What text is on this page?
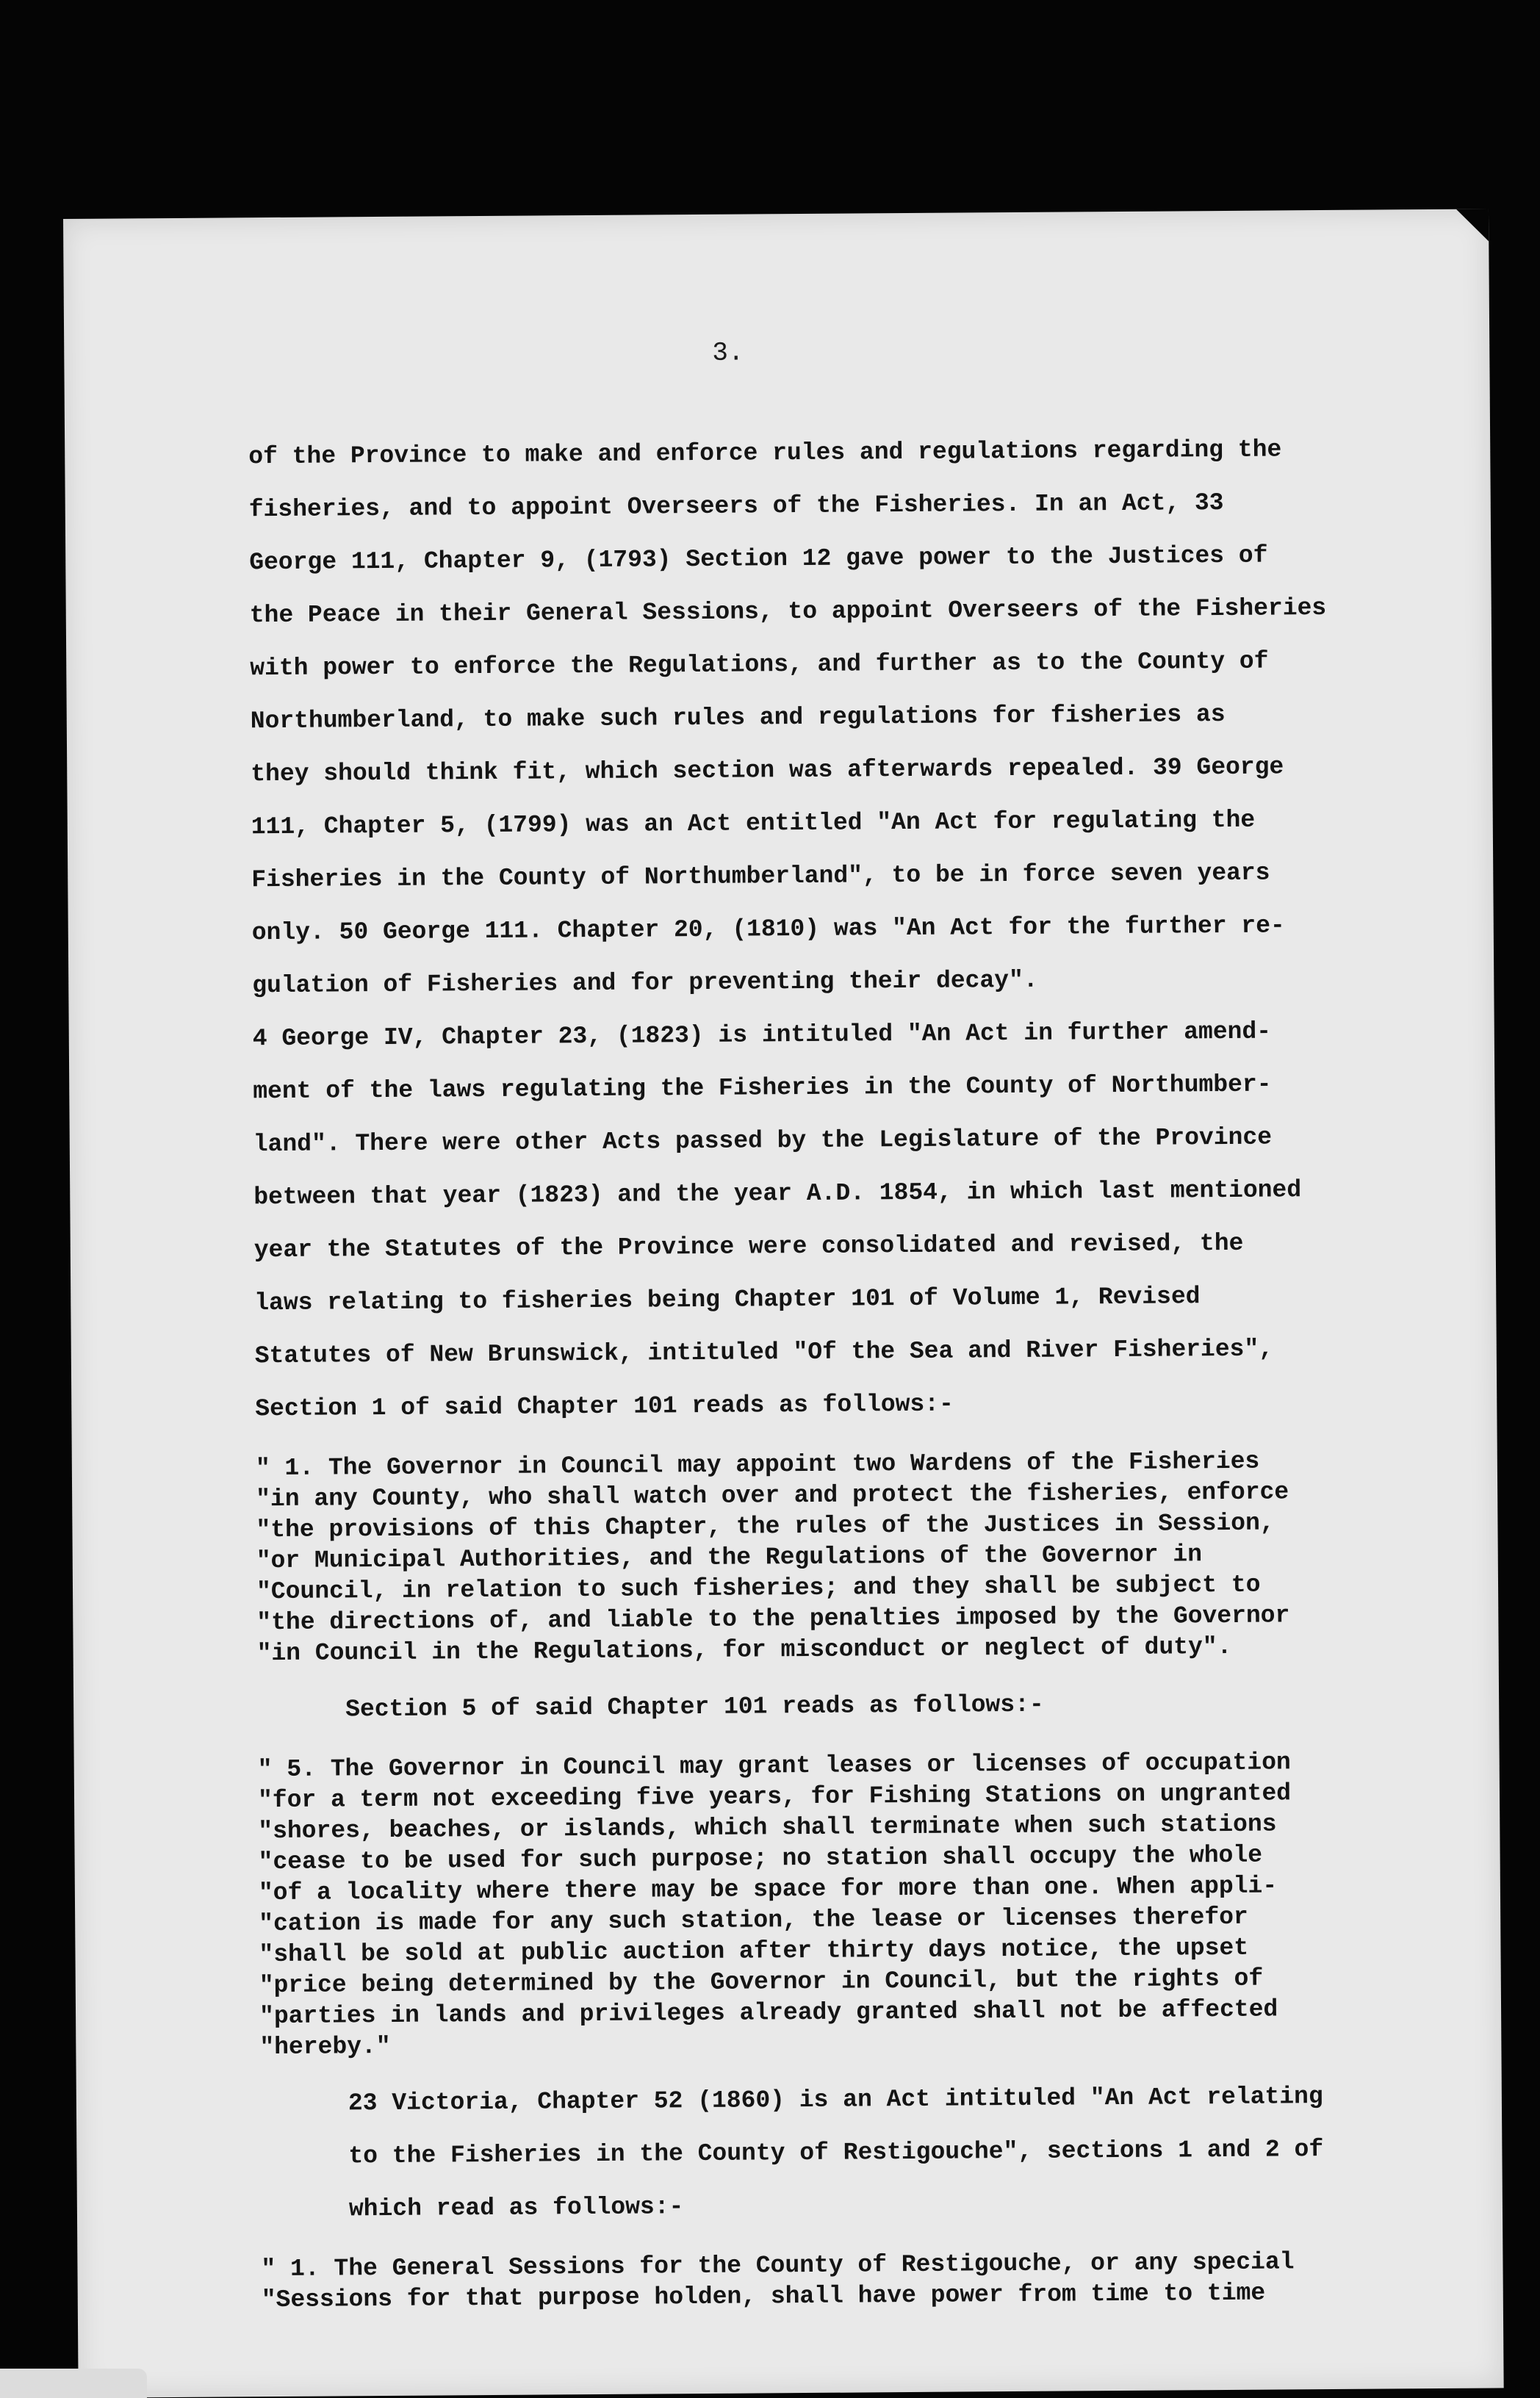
3.

of the Province to make and enforce rules and regulations regarding the
fisheries, and to appoint Overseers of the Fisheries. In an Act, 33
George 111, Chapter 9, (1793) Section 12 gave power to the Justices of
the Peace in their General Sessions, to appoint Overseers of the Fisheries
with power to enforce the Regulations, and further as to the County of
Northumberland, to make such rules and regulations for fisheries as
they should think fit, which section was afterwards repealed. 39 George
111, Chapter 5, (1799) was an Act entitled "An Act for regulating the
Fisheries in the County of Northumberland", to be in force seven years
only. 50 George 111. Chapter 20, (1810) was "An Act for the further re-
gulation of Fisheries and for preventing their decay".

4 George IV, Chapter 23, (1823) is intituled "An Act in further amend-
ment of the laws regulating the Fisheries in the County of Northumber-
land". There were other Acts passed by the Legislature of the Province
between that year (1823) and the year A.D. 1854, in which last mentioned
year the Statutes of the Province were consolidated and revised, the
laws relating to fisheries being Chapter 101 of Volume 1, Revised
Statutes of New Brunswick, intituled "Of the Sea and River Fisheries",
Section 1 of said Chapter 101 reads as follows:-

" 1. The Governor in Council may appoint two Wardens of the Fisheries
"in any County, who shall watch over and protect the fisheries, enforce
"the provisions of this Chapter, the rules of the Justices in Session,
"or Municipal Authorities, and the Regulations of the Governor in
"Council, in relation to such fisheries; and they shall be subject to
"the directions of, and liable to the penalties imposed by the Governor
"in Council in the Regulations, for misconduct or neglect of duty".

Section 5 of said Chapter 101 reads as follows:-

" 5. The Governor in Council may grant leases or licenses of occupation
"for a term not exceeding five years, for Fishing Stations on ungranted
"shores, beaches, or islands, which shall terminate when such stations
"cease to be used for such purpose; no station shall occupy the whole
"of a locality where there may be space for more than one. When appli-
"cation is made for any such station, the lease or licenses therefor
"shall be sold at public auction after thirty days notice, the upset
"price being determined by the Governor in Council, but the rights of
"parties in lands and privileges already granted shall not be affected
"hereby."

23 Victoria, Chapter 52 (1860) is an Act intituled "An Act relating
to the Fisheries in the County of Restigouche", sections 1 and 2 of
which read as follows:-

" 1. The General Sessions for the County of Restigouche, or any special
"Sessions for that purpose holden, shall have power from time to time
